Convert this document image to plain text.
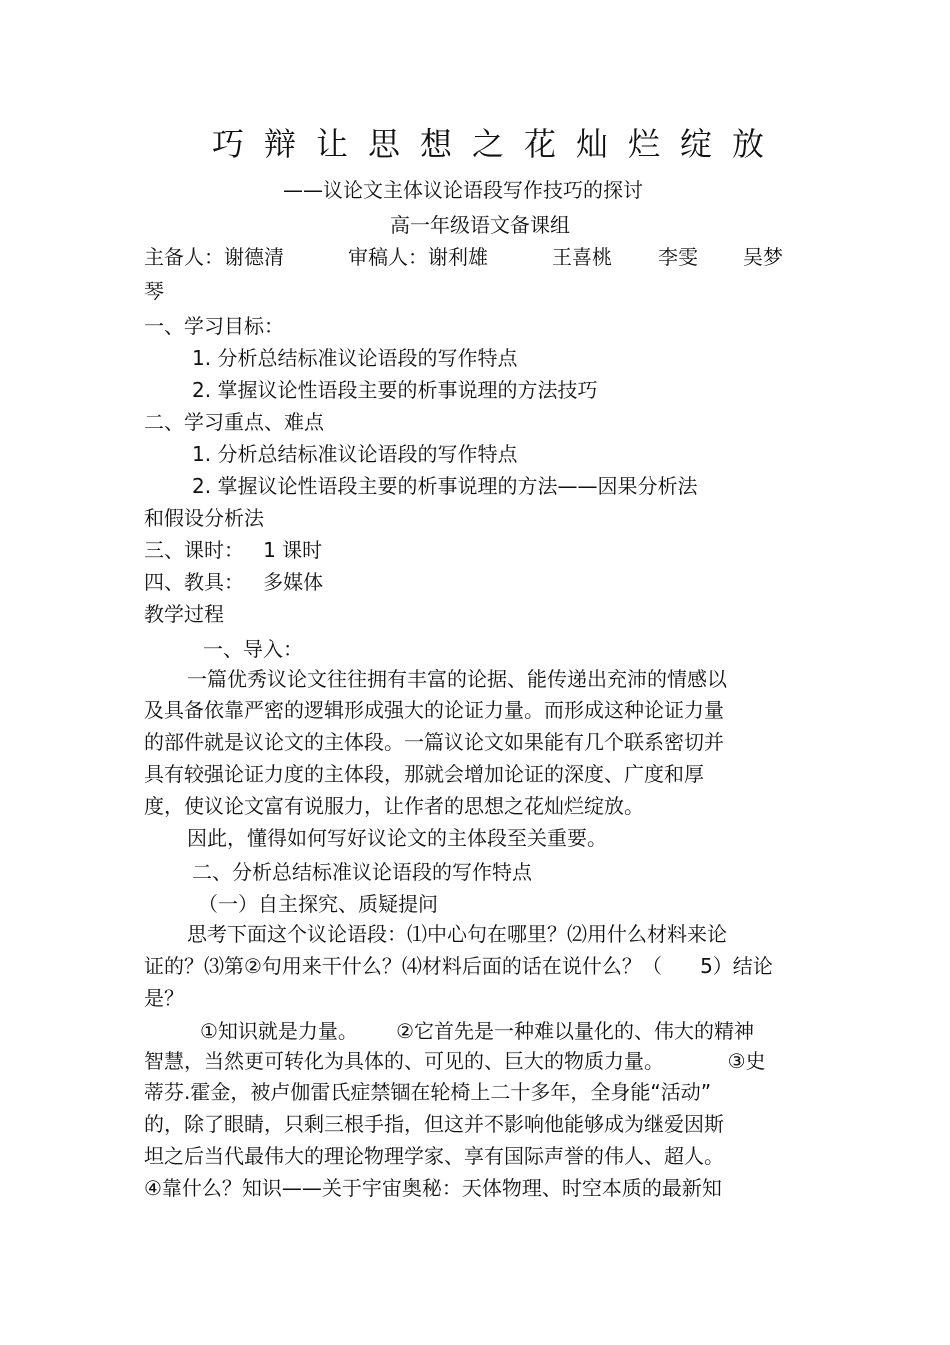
巧辩让思想之花灿烂绽放
——议论文主体议论语段写作技巧的探讨
高一年级语文备课组
主备人：谢德清	审稿人：谢利雄	王喜桃 李雯 吴梦
琴
一、学习目标：
1. 分析总结标准议论语段的写作特点
2. 掌握议论性语段主要的析事说理的方法技巧
二、学习重点、难点
1. 分析总结标准议论语段的写作特点
2. 掌握议论性语段主要的析事说理的方法——因果分析法
和假设分析法
三、课时：   1 课时
四、教具：   多媒体
教学过程
一、导入：
一篇优秀议论文往往拥有丰富的论据、能传递出充沛的情感以
及具备依靠严密的逻辑形成强大的论证力量。而形成这种论证力量
的部件就是议论文的主体段。一篇议论文如果能有几个联系密切并
具有较强论证力度的主体段，那就会增加论证的深度、广度和厚
度，使议论文富有说服力，让作者的思想之花灿烂绽放。
因此，懂得如何写好议论文的主体段至关重要。
二、分析总结标准议论语段的写作特点
（一）自主探究、质疑提问
思考下面这个议论语段：⑴中心句在哪里？⑵用什么材料来论
证的？⑶第②句用来干什么？⑷材料后面的话在说什么？（      5）结论
是？
①知识就是力量。      ②它首先是一种难以量化的、伟大的精神
智慧，当然更可转化为具体的、可见的、巨大的物质力量。          ③史
蒂芬.霍金，被卢伽雷氏症禁锢在轮椅上二十多年，全身能“活动”
的，除了眼睛，只剩三根手指，但这并不影响他能够成为继爱因斯
坦之后当代最伟大的理论物理学家、享有国际声誉的伟人、超人。
④靠什么？知识——关于宇宙奥秘：天体物理、时空本质的最新知
